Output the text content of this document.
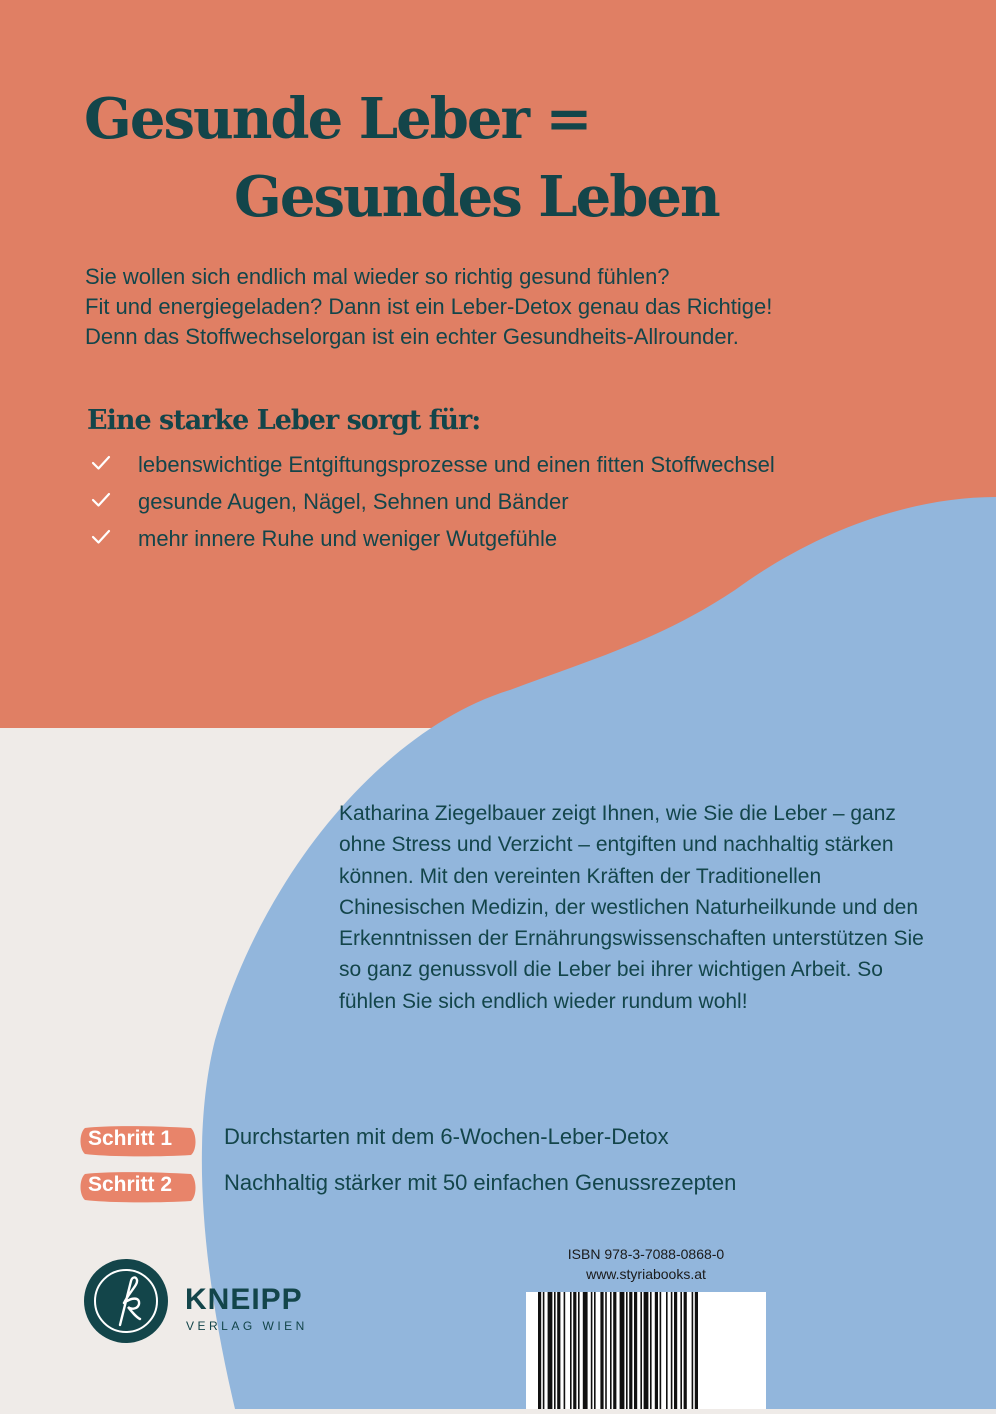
Gesunde Leber =
Gesundes Leben

Sie wollen sich endlich mal wieder so richtig gesund fühlen?

Fit und energiegeladen? Dann ist ein Leber-Detox genau das Richtige!

Denn das Stoffwechselorgan ist ein echter Gesundheits-Allrounder.

Eine starke Leber sorgt für:
lebenswichtige Entgiftungsprozesse und einen fitten Stoffwechsel
gesunde Augen, Nägel, Sehnen und Bänder
mehr innere Ruhe und weniger Wutgefühle

Katharina Ziegelbauer zeigt Ihnen, wie Sie die Leber – ganz ohne Stress und Verzicht – entgiften und nachhaltig stärken können. Mit den vereinten Kräften der Traditionellen Chinesischen Medizin, der westlichen Naturheilkunde und den Erkenntnissen der Ernährungswissenschaften unterstützen Sie so ganz genussvoll die Leber bei ihrer wichtigen Arbeit. So fühlen Sie sich endlich wieder rundum wohl!

Schritt 1 Durchstarten mit dem 6-Wochen-Leber-Detox
Schritt 2 Nachhaltig stärker mit 50 einfachen Genussrezepten
KNEIPP
VERLAG WIEN
ISBN 978-3-7088-0868-0
www.styriabooks.at
